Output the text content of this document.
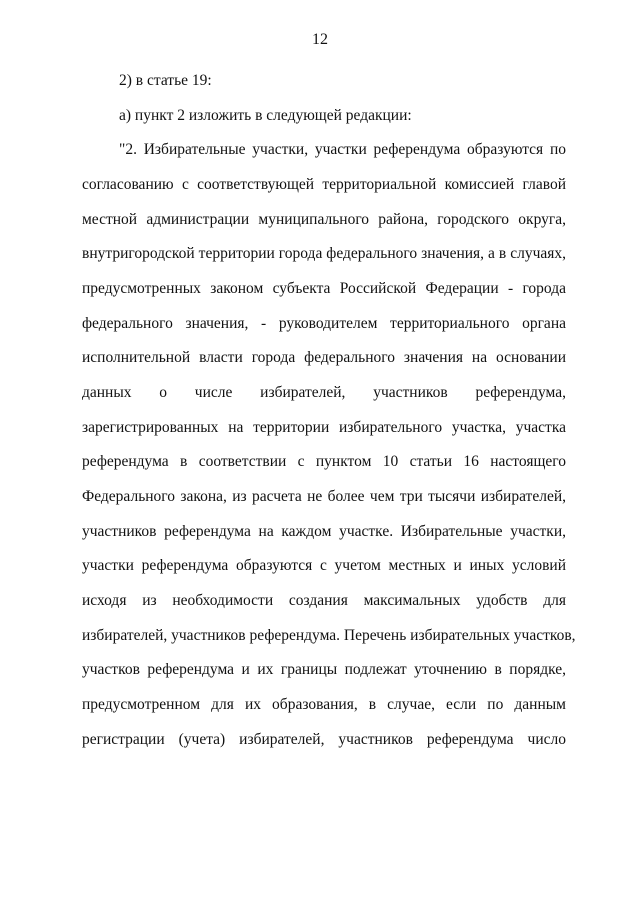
12
2) в статье 19:
а) пункт 2 изложить в следующей редакции:
"2. Избирательные участки, участки референдума образуются по
согласованию с соответствующей территориальной комиссией главой
местной администрации муниципального района, городского округа,
внутригородской территории города федерального значения, а в случаях,
предусмотренных законом субъекта Российской Федерации - города
федерального значения, - руководителем территориального органа
исполнительной власти города федерального значения на основании
данных о числе избирателей, участников референдума,
зарегистрированных на территории избирательного участка, участка
референдума в соответствии с пунктом 10 статьи 16 настоящего
Федерального закона, из расчета не более чем три тысячи избирателей,
участников референдума на каждом участке. Избирательные участки,
участки референдума образуются с учетом местных и иных условий
исходя из необходимости создания максимальных удобств для
избирателей, участников референдума. Перечень избирательных участков,
участков референдума и их границы подлежат уточнению в порядке,
предусмотренном для их образования, в случае, если по данным
регистрации (учета) избирателей, участников референдума число
